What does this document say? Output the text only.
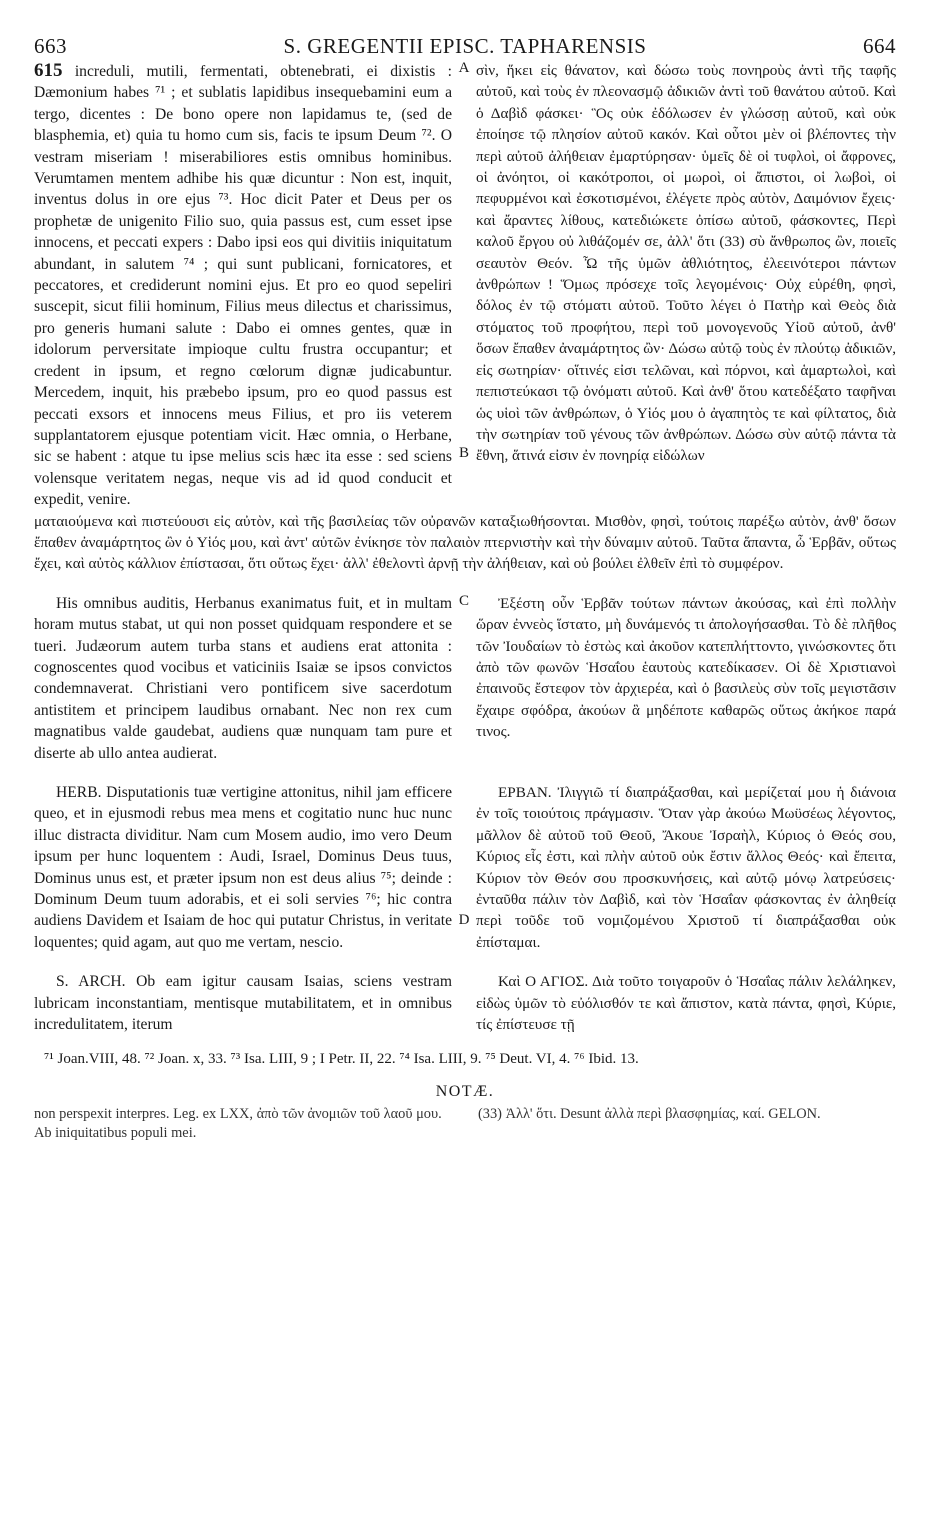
663	S. GREGENTII EPISC. TAPHARENSIS	664

615 increduli, mutili, fermentati, obtenebrati, ei dixistis : Dæmonium habes ⁷¹ ; et sublatis lapidibus insequebamini eum a tergo, dicentes : De bono opere non lapidamus te, (sed de blasphemia, et) quia tu homo cum sis, facis te ipsum Deum ⁷². O vestram miseriam ! miserabiliores estis omnibus hominibus. Verumtamen mentem adhibe his quæ dicuntur : Non est, inquit, inventus dolus in ore ejus ⁷³. Hoc dicit Pater et Deus per os prophetæ de unigenito Filio suo, quia passus est, cum esset ipse innocens, et peccati expers : Dabo ipsi eos qui divitiis iniquitatum abundant, in salutem ⁷⁴ ; qui sunt publicani, fornicatores, et peccatores, et crediderunt nomini ejus. Et pro eo quod sepeliri suscepit, sicut filii hominum, Filius meus dilectus et charissimus, pro generis humani salute : Dabo ei omnes gentes, quæ in idolorum perversitate impioque cultu frustra occupantur; et credent in ipsum, et regno cœlorum dignæ judicabuntur. Mercedem, inquit, his præbebo ipsum, pro eo quod passus est peccati exsors et innocens meus Filius, et pro iis veterem supplantatorem ejusque potentiam vicit. Hæc omnia, o Herbane, sic se habent : atque tu ipse melius scis hæc ita esse : sed sciens volensque veritatem negas, neque vis ad id quod conducit et expedit, venire.

A
B

σὶν, ἥκει εἰς θάνατον, καὶ δώσω τοὺς πονηροὺς ἀντὶ τῆς ταφῆς αὐτοῦ, καὶ τοὺς ἐν πλεονασμῷ ἀδικιῶν ἀντὶ τοῦ θανάτου αὐτοῦ. Καὶ ὁ Δαβὶδ φάσκει· Ὃς οὐκ ἐδόλωσεν ἐν γλώσσῃ αὐτοῦ, καὶ οὐκ ἐποίησε τῷ πλησίον αὐτοῦ κακόν. Καὶ οὗτοι μὲν οἱ βλέποντες τὴν περὶ αὐτοῦ ἀλήθειαν ἐμαρτύρησαν· ὑμεῖς δὲ οἱ τυφλοὶ, οἱ ἄφρονες, οἱ ἀνόητοι, οἱ κακότροποι, οἱ μωροὶ, οἱ ἄπιστοι, οἱ λωβοὶ, οἱ πεφυρμένοι καὶ ἐσκοτισμένοι, ἐλέγετε πρὸς αὐτὸν, Δαιμόνιον ἔχεις· καὶ ἄραντες λίθους, κατεδιώκετε ὀπίσω αὐτοῦ, φάσκοντες, Περὶ καλοῦ ἔργου οὐ λιθάζομέν σε, ἀλλ' ὅτι (33) σὺ ἄνθρωπος ὢν, ποιεῖς σεαυτὸν Θεόν. Ὦ τῆς ὑμῶν ἀθλιότητος, ἐλεεινότεροι πάντων ἀνθρώπων ! Ὅμως πρόσεχε τοῖς λεγομένοις· Οὐχ εὑρέθη, φησὶ, δόλος ἐν τῷ στόματι αὐτοῦ. Τοῦτο λέγει ὁ Πατὴρ καὶ Θεὸς διὰ στόματος τοῦ προφήτου, περὶ τοῦ μονογενοῦς Υἱοῦ αὐτοῦ, ἀνθ' ὅσων ἔπαθεν ἀναμάρτητος ὢν· Δώσω αὐτῷ τοὺς ἐν πλούτῳ ἀδικιῶν, εἰς σωτηρίαν· οἵτινές εἰσι τελῶναι, καὶ πόρνοι, καὶ ἁμαρτωλοὶ, καὶ πεπιστεύκασι τῷ ὀνόματι αὐτοῦ. Καὶ ἀνθ' ὅτου κατεδέξατο ταφῆναι ὡς υἱοὶ τῶν ἀνθρώπων, ὁ Υἱός μου ὁ ἀγαπητὸς τε καὶ φίλτατος, διὰ τὴν σωτηρίαν τοῦ γένους τῶν ἀνθρώπων. Δώσω σὺν αὐτῷ πάντα τὰ ἔθνη, ἅτινά εἰσιν ἐν πονηρίᾳ εἰδώλων

ματαιούμενα καὶ πιστεύουσι εἰς αὐτὸν, καὶ τῆς βασιλείας τῶν οὐρανῶν καταξιωθήσονται. Μισθὸν, φησὶ, τούτοις παρέξω αὐτὸν, ἀνθ' ὅσων ἔπαθεν ἀναμάρτητος ὢν ὁ Υἱός μου, καὶ ἀντ' αὐτῶν ἐνίκησε τὸν παλαιὸν πτερνιστὴν καὶ τὴν δύναμιν αὐτοῦ. Ταῦτα ἅπαντα, ὦ Ἑρβᾶν, οὕτως ἔχει, καὶ αὐτὸς κάλλιον ἐπίστασαι, ὅτι οὕτως ἔχει· ἀλλ' ἐθελοντὶ ἀρνῇ τὴν ἀλήθειαν, καὶ οὐ βούλει ἐλθεῖν ἐπὶ τὸ συμφέρον.

His omnibus auditis, Herbanus exanimatus fuit, et in multam horam mutus stabat, ut qui non posset quidquam respondere et se tueri. Judæorum autem turba stans et audiens erat attonita : cognoscentes quod vocibus et vaticiniis Isaiæ se ipsos convictos condemnaverat. Christiani vero pontificem sive sacerdotum antistitem et principem laudibus ornabant. Nec non rex cum magnatibus valde gaudebat, audiens quæ nunquam tam pure et diserte ab ullo antea audierat.

C	Ἐξέστη οὖν Ἑρβᾶν τούτων πάντων ἀκούσας, καὶ ἐπὶ πολλὴν ὥραν ἐννεὸς ἵστατο, μὴ δυνάμενός τι ἀπολογήσασθαι. Τὸ δὲ πλῆθος τῶν Ἰουδαίων τὸ ἑστὼς καὶ ἀκοῦον κατεπλήττοντο, γινώσκοντες ὅτι ἀπὸ τῶν φωνῶν Ἡσαΐου ἑαυτοὺς κατεδίκασεν. Οἱ δὲ Χριστιανοὶ ἐπαινοῦς ἔστεφον τὸν ἀρχιερέα, καὶ ὁ βασιλεὺς σὺν τοῖς μεγιστᾶσιν ἔχαιρε σφόδρα, ἀκούων ἃ μηδέποτε καθαρῶς οὕτως ἀκήκοε παρά τινος.

HERB. Disputationis tuæ vertigine attonitus, nihil jam efficere queo, et in ejusmodi rebus mea mens et cogitatio nunc huc nunc illuc distracta dividitur. Nam cum Mosem audio, imo vero Deum ipsum per hunc loquentem : Audi, Israel, Dominus Deus tuus, Dominus unus est, et præter ipsum non est deus alius ⁷⁵; deinde : Dominum Deum tuum adorabis, et ei soli servies ⁷⁶; hic contra audiens Davidem et Isaiam de hoc qui putatur Christus, in veritate loquentes; quid agam, aut quo me vertam, nescio.

D

ΕΡΒΑΝ. Ἰλιγγιῶ τί διαπράξασθαι, καὶ μερίζεταί μου ἡ διάνοια ἐν τοῖς τοιούτοις πράγμασιν. Ὅταν γὰρ ἀκούω Μωϋσέως λέγοντος, μᾶλλον δὲ αὐτοῦ τοῦ Θεοῦ, Ἄκουε Ἰσραὴλ, Κύριος ὁ Θεός σου, Κύριος εἷς ἐστι, καὶ πλὴν αὐτοῦ οὐκ ἔστιν ἄλλος Θεός· καὶ ἔπειτα, Κύριον τὸν Θεόν σου προσκυνήσεις, καὶ αὐτῷ μόνῳ λατρεύσεις· ἐνταῦθα πάλιν τὸν Δαβὶδ, καὶ τὸν Ἡσαΐαν φάσκοντας ἐν ἀληθείᾳ περὶ τοῦδε τοῦ νομιζομένου Χριστοῦ τί διαπράξασθαι οὐκ ἐπίσταμαι.

S. ARCH. Ob eam igitur causam Isaias, sciens vestram lubricam inconstantiam, mentisque mutabilitatem, et in omnibus incredulitatem, iterum

Καὶ Ο ΑΓΙΟΣ. Διὰ τοῦτο τοιγαροῦν ὁ Ἡσαΐας πάλιν λελάληκεν, εἰδὼς ὑμῶν τὸ εὐόλισθόν τε καὶ ἄπιστον, κατὰ πάντα, φησὶ, Κύριε, τίς ἐπίστευσε τῇ

⁷¹ Joan.VIII, 48. ⁷² Joan. x, 33. ⁷³ Isa. LIII, 9 ; I Petr. II, 22. ⁷⁴ Isa. LIII, 9. ⁷⁵ Deut. VI, 4. ⁷⁶ Ibid. 13.
NOTÆ.
non perspexit interpres. Leg. ex LXX, ἀπὸ τῶν ἀνομιῶν τοῦ λαοῦ μου. Ab iniquitatibus populi mei.
(33) Ἀλλ' ὅτι. Desunt ἀλλὰ περὶ βλασφημίας, καί. GELON.
